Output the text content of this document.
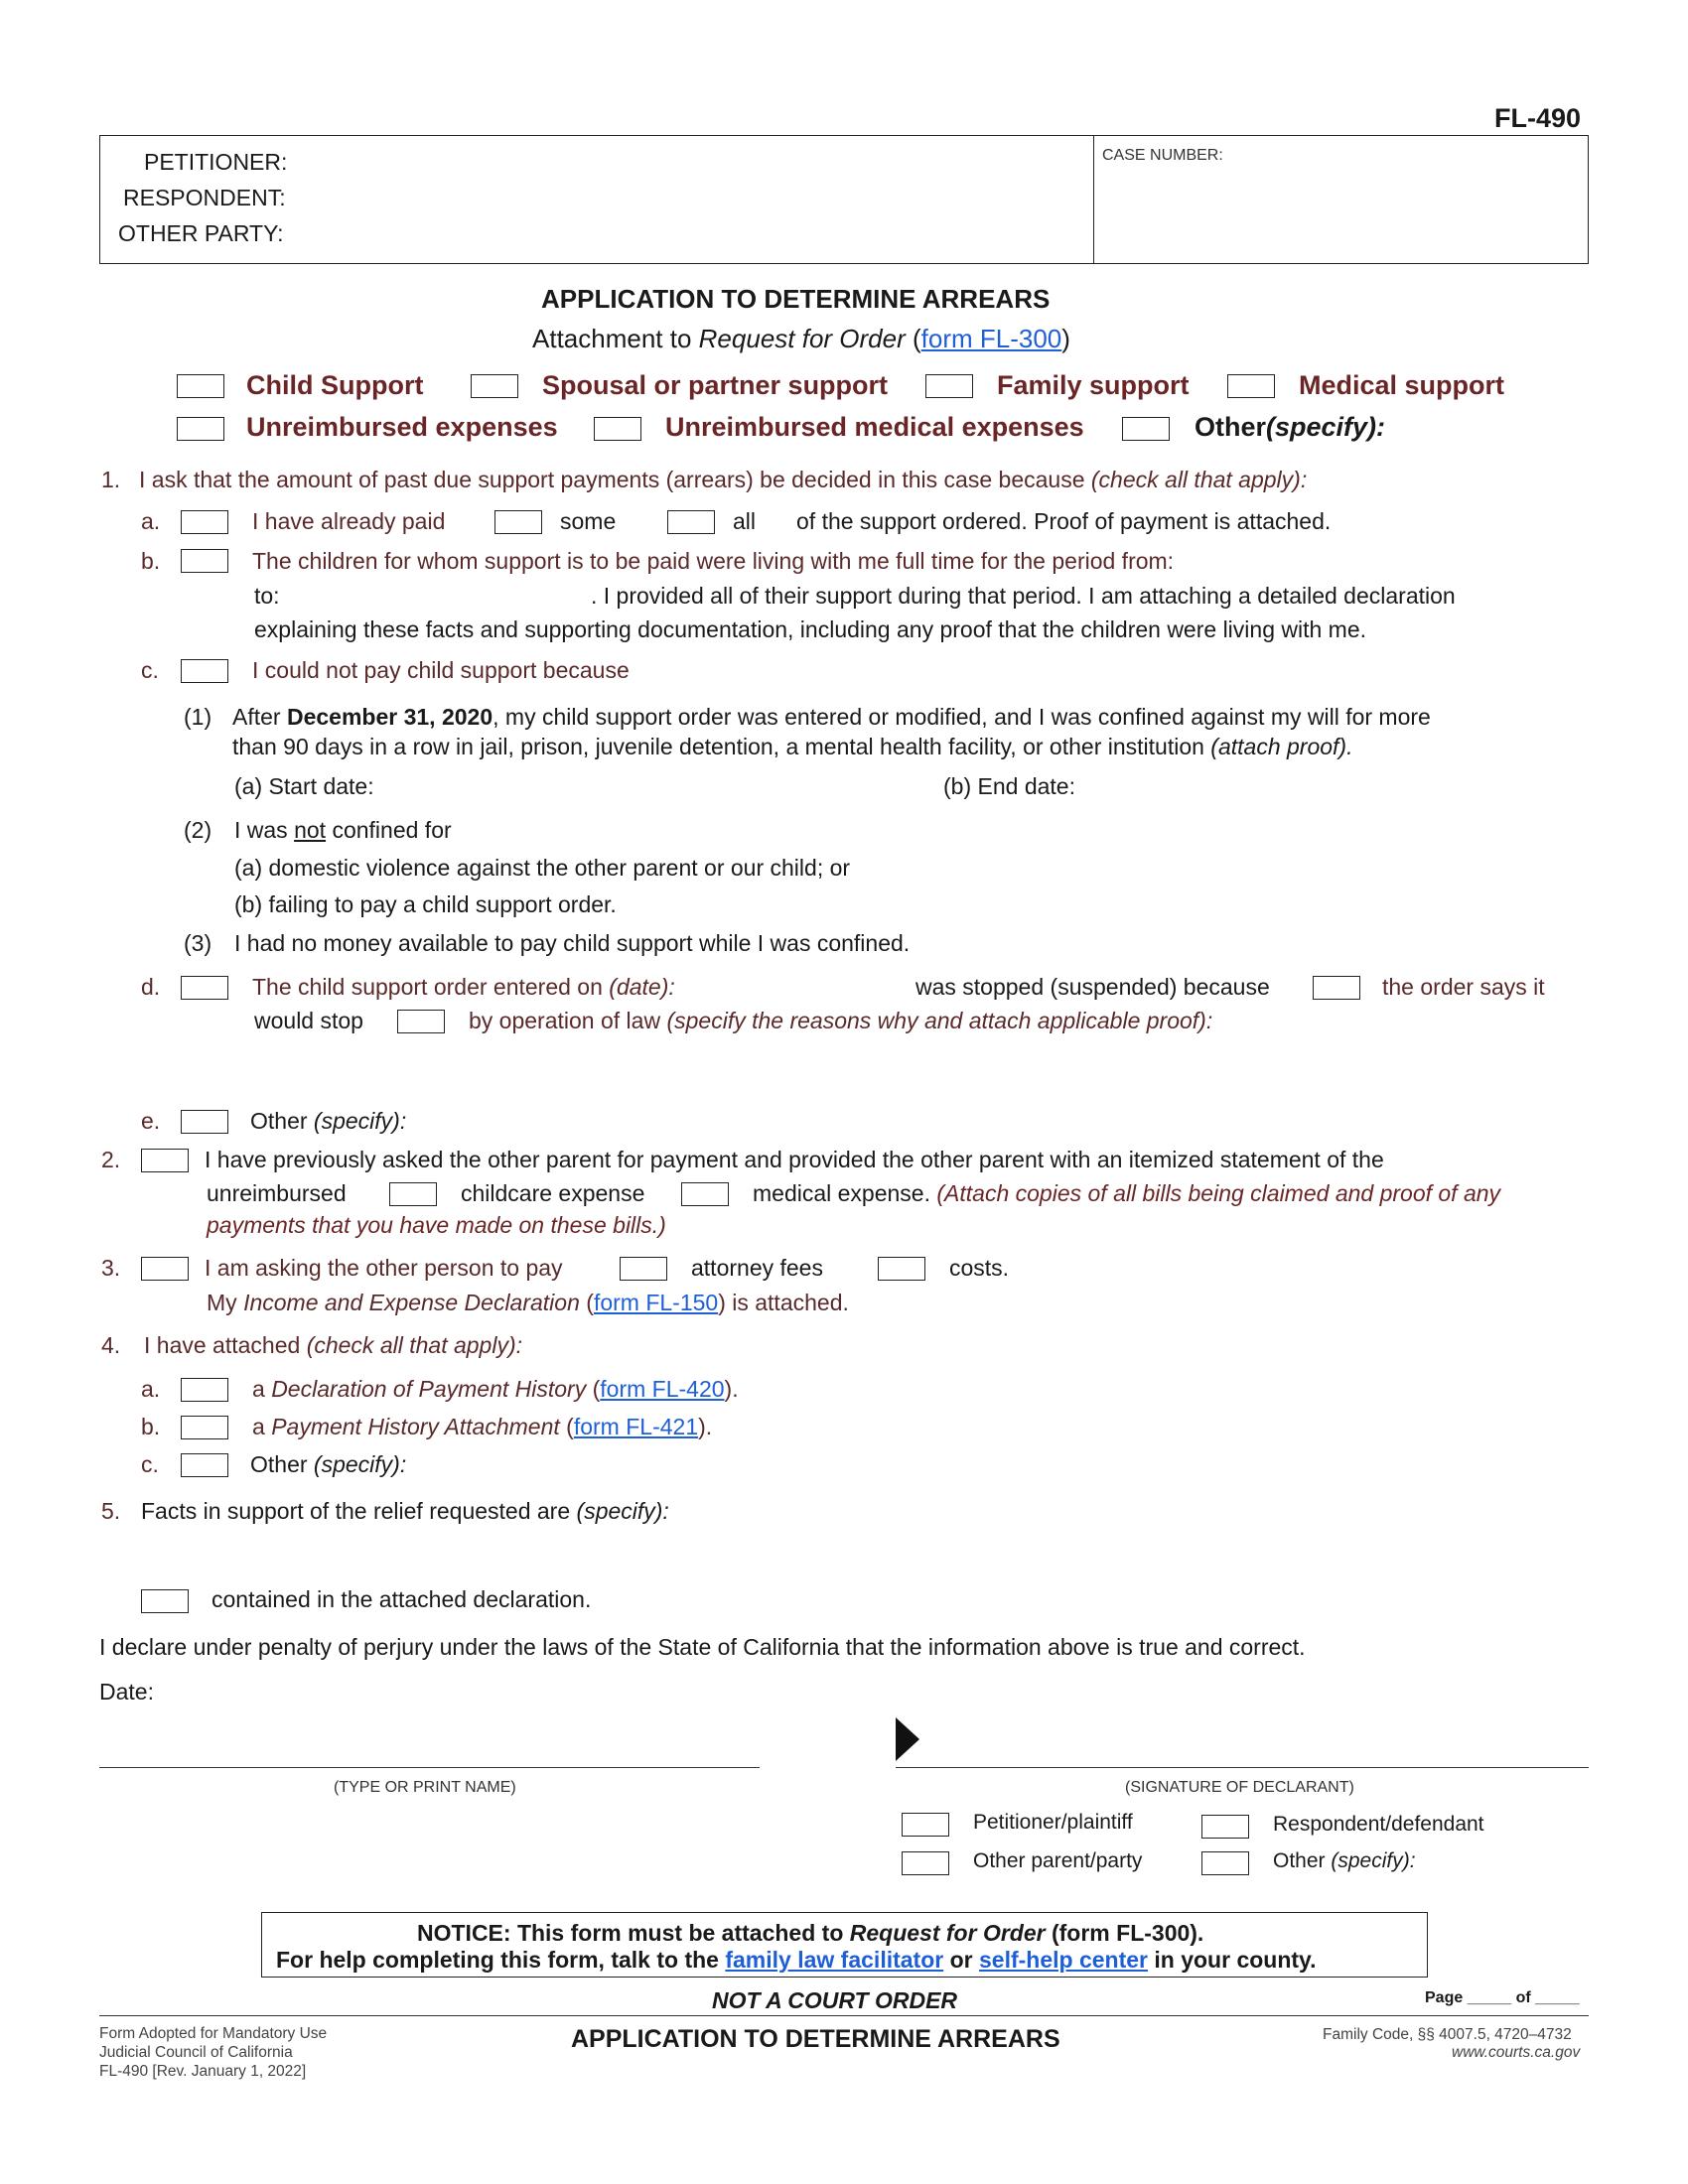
FL-490
PETITIONER:
RESPONDENT:
OTHER PARTY:
CASE NUMBER:
APPLICATION TO DETERMINE ARREARS
Attachment to Request for Order (form FL-300)
Child Support	Spousal or partner support	Family support	Medical support
Unreimbursed expenses	Unreimbursed medical expenses	Other(specify):
1. I ask that the amount of past due support payments (arrears) be decided in this case because (check all that apply):
a.	I have already paid	some	all of the support ordered. Proof of payment is attached.
b.	The children for whom support is to be paid were living with me full time for the period from:
to:	. I provided all of their support during that period. I am attaching a detailed declaration
explaining these facts and supporting documentation, including any proof that the children were living with me.
c.	I could not pay child support because
(1) After December 31, 2020, my child support order was entered or modified, and I was confined against my will for more
than 90 days in a row in jail, prison, juvenile detention, a mental health facility, or other institution (attach proof).
(a) Start date:	(b) End date:
(2) I was not confined for
(a) domestic violence against the other parent or our child; or
(b) failing to pay a child support order.
(3) I had no money available to pay child support while I was confined.
d.	The child support order entered on (date):	was stopped (suspended) because	the order says it
would stop	by operation of law (specify the reasons why and attach applicable proof):
e.	Other (specify):
2.	I have previously asked the other parent for payment and provided the other parent with an itemized statement of the
unreimbursed	childcare expense	medical expense. (Attach copies of all bills being claimed and proof of any
payments that you have made on these bills.)
3.	I am asking the other person to pay	attorney fees	costs.
My Income and Expense Declaration (form FL-150) is attached.
4. I have attached (check all that apply):
a.	a Declaration of Payment History (form FL-420).
b.	a Payment History Attachment (form FL-421).
c.	Other (specify):
5. Facts in support of the relief requested are (specify):
contained in the attached declaration.
I declare under penalty of perjury under the laws of the State of California that the information above is true and correct.
Date:
(TYPE OR PRINT NAME)	(SIGNATURE OF DECLARANT)
Petitioner/plaintiff	Respondent/defendant
Other parent/party	Other (specify):
NOTICE: This form must be attached to Request for Order (form FL-300).
For help completing this form, talk to the family law facilitator or self-help center in your county.
NOT A COURT ORDER	Page _____ of _____
Form Adopted for Mandatory Use
Judicial Council of California
FL-490 [Rev. January 1, 2022]
APPLICATION TO DETERMINE ARREARS	Family Code, §§ 4007.5, 4720–4732
www.courts.ca.gov
